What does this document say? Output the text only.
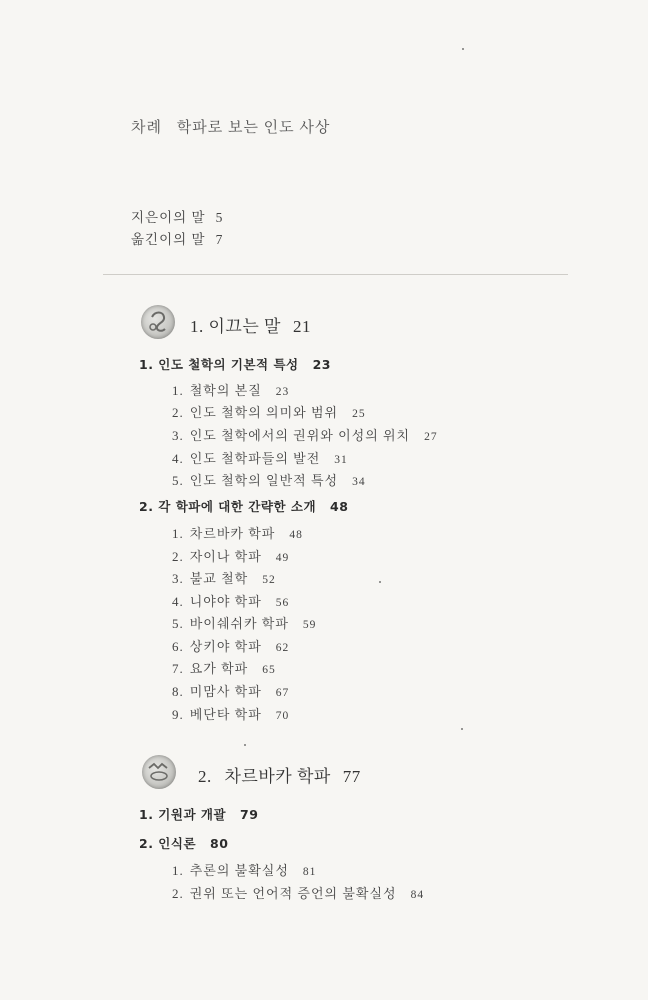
차례 학파로 보는 인도 사상
지은이의 말 5
옮긴이의 말 7
1. 이끄는 말 21
1. 인도 철학의 기본적 특성 23
1. 철학의 본질 23
2. 인도 철학의 의미와 범위 25
3. 인도 철학에서의 권위와 이성의 위치 27
4. 인도 철학파들의 발전 31
5. 인도 철학의 일반적 특성 34
2. 각 학파에 대한 간략한 소개 48
1. 차르바카 학파 48
2. 자이나 학파 49
3. 불교 철학 52
4. 니야야 학파 56
5. 바이쉐쉬카 학파 59
6. 상키야 학파 62
7. 요가 학파 65
8. 미맘사 학파 67
9. 베단타 학파 70
2. 차르바카 학파 77
1. 기원과 개괄 79
2. 인식론 80
1. 추론의 불확실성 81
2. 권위 또는 언어적 증언의 불확실성 84
